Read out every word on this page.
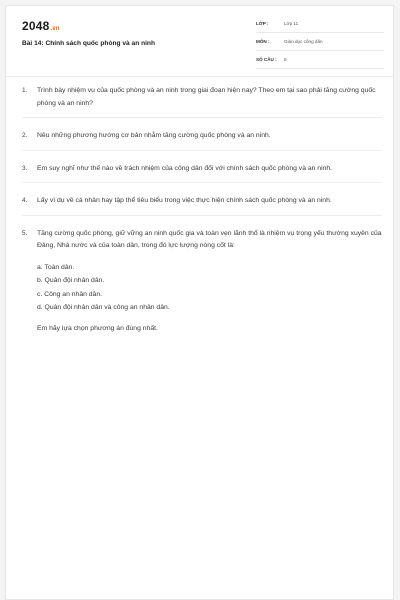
2048.vn
Bài 14: Chính sách quốc phòng và an ninh
LỚP :	Lớp 11
MÔN :	Giáo dục công dân
SỐ CÂU : 5
1.	Trình bày nhiệm vụ của quốc phòng và an ninh trong giai đoạn hiện nay? Theo em tại sao phải tăng cường quốc phòng và an ninh?
2.	Nêu những phương hướng cơ bản nhằm tăng cường quốc phòng và an ninh.
3.	Em suy nghĩ như thế nào về trách nhiệm của công dân đối với chính sách quốc phòng và an ninh.
4.	Lấy ví dụ về cá nhân hay tập thể tiêu biểu trong việc thực hiện chính sách quốc phòng và an ninh.
5.	Tăng cường quốc phòng, giữ vững an ninh quốc gia và toàn vẹn lãnh thổ là nhiệm vụ trọng yếu thường xuyên của Đảng, Nhà nước và của toàn dân, trong đó lực lượng nòng cốt là:
a. Toàn dân.
b. Quân đội nhân dân.
c. Công an nhân dân.
d. Quân đội nhân dân và công an nhân dân.
Em hãy lựa chọn phương án đúng nhất.
